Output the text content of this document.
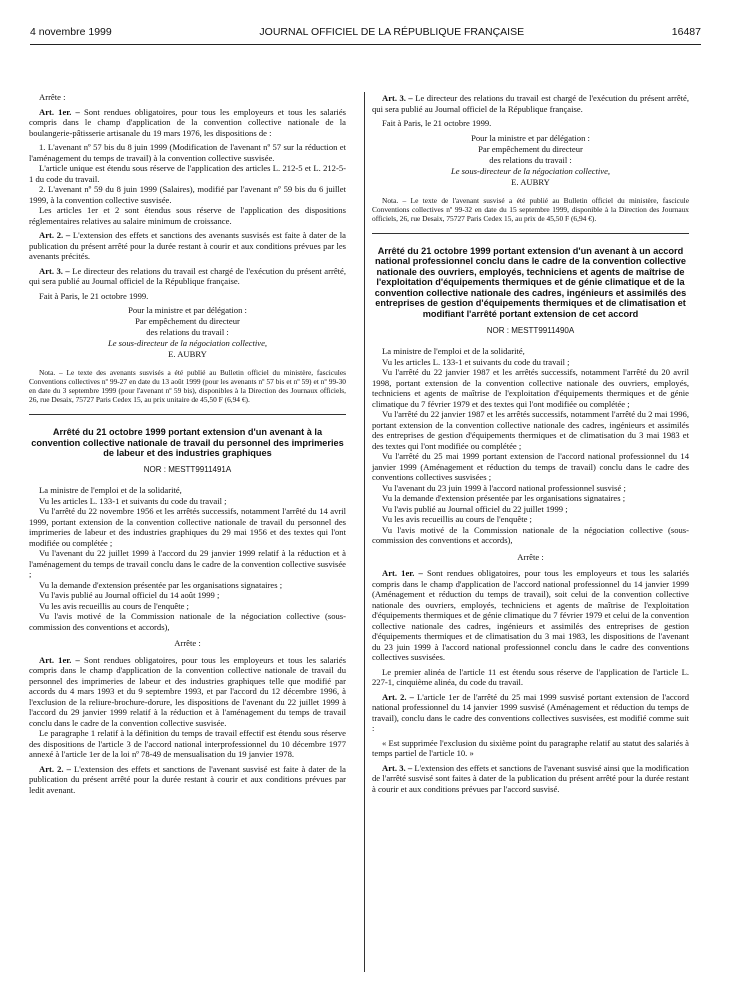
4 novembre 1999	JOURNAL OFFICIEL DE LA RÉPUBLIQUE FRANÇAISE	16487

Arrête :

Art. 1er. – Sont rendues obligatoires, pour tous les employeurs et tous les salariés compris dans le champ d'application de la convention collective nationale de la boulangerie-pâtisserie artisanale du 19 mars 1976, les dispositions de :

1. L'avenant nº 57 bis du 8 juin 1999 (Modification de l'avenant nº 57 sur la réduction et l'aménagement du temps de travail) à la convention collective susvisée.

L'article unique est étendu sous réserve de l'application des articles L. 212-5 et L. 212-5-1 du code du travail.

2. L'avenant nº 59 du 8 juin 1999 (Salaires), modifié par l'avenant nº 59 bis du 6 juillet 1999, à la convention collective susvisée.

Les articles 1er et 2 sont étendus sous réserve de l'application des dispositions réglementaires relatives au salaire minimum de croissance.

Art. 2. – L'extension des effets et sanctions des avenants susvisés est faite à dater de la publication du présent arrêté pour la durée restant à courir et aux conditions prévues par les avenants précités.

Art. 3. – Le directeur des relations du travail est chargé de l'exécution du présent arrêté, qui sera publié au Journal officiel de la République française.

Fait à Paris, le 21 octobre 1999.

Pour la ministre et par délégation :
Par empêchement du directeur
des relations du travail :
Le sous-directeur de la négociation collective,
E. AUBRY

Nota. – Le texte des avenants susvisés a été publié au Bulletin officiel du ministère, fascicules Conventions collectives nº 99-27 en date du 13 août 1999 (pour les avenants nº 57 bis et nº 59) et nº 99-30 en date du 3 septembre 1999 (pour l'avenant nº 59 bis), disponibles à la Direction des Journaux officiels, 26, rue Desaix, 75727 Paris Cedex 15, au prix unitaire de 45,50 F (6,94 €).

Arrêté du 21 octobre 1999 portant extension d'un avenant à la convention collective nationale de travail du personnel des imprimeries de labeur et des industries graphiques

NOR : MESTT9911491A

La ministre de l'emploi et de la solidarité,

Vu les articles L. 133-1 et suivants du code du travail ;

Vu l'arrêté du 22 novembre 1956 et les arrêtés successifs, notamment l'arrêté du 14 avril 1999, portant extension de la convention collective nationale de travail du personnel des imprimeries de labeur et des industries graphiques du 29 mai 1956 et des textes qui l'ont modifiée ou complétée ;

Vu l'avenant du 22 juillet 1999 à l'accord du 29 janvier 1999 relatif à la réduction et à l'aménagement du temps de travail conclu dans le cadre de la convention collective susvisée ;

Vu la demande d'extension présentée par les organisations signataires ;

Vu l'avis publié au Journal officiel du 14 août 1999 ;

Vu les avis recueillis au cours de l'enquête ;

Vu l'avis motivé de la Commission nationale de la négociation collective (sous-commission des conventions et accords),

Arrête :

Art. 1er. – Sont rendues obligatoires, pour tous les employeurs et tous les salariés compris dans le champ d'application de la convention collective nationale de travail du personnel des imprimeries de labeur et des industries graphiques telle que modifié par accords du 4 mars 1993 et du 9 septembre 1993, et par l'accord du 12 décembre 1996, à l'exclusion de la reliure-brochure-dorure, les dispositions de l'avenant du 22 juillet 1999 à l'accord du 29 janvier 1999 relatif à la réduction et à l'aménagement du temps de travail conclu dans le cadre de la convention collective susvisée.

Le paragraphe 1 relatif à la définition du temps de travail effectif est étendu sous réserve des dispositions de l'article 3 de l'accord national interprofessionnel du 10 décembre 1977 annexé à l'article 1er de la loi nº 78-49 de mensualisation du 19 janvier 1978.

Art. 2. – L'extension des effets et sanctions de l'avenant susvisé est faite à dater de la publication du présent arrêté pour la durée restant à courir et aux conditions prévues par ledit avenant.

Art. 3. – Le directeur des relations du travail est chargé de l'exécution du présent arrêté, qui sera publié au Journal officiel de la République française.

Fait à Paris, le 21 octobre 1999.

Pour la ministre et par délégation :
Par empêchement du directeur
des relations du travail :
Le sous-directeur de la négociation collective,
E. AUBRY

Nota. – Le texte de l'avenant susvisé a été publié au Bulletin officiel du ministère, fascicule Conventions collectives nº 99-32 en date du 15 septembre 1999, disponible à la Direction des Journaux officiels, 26, rue Desaix, 75727 Paris Cedex 15, au prix de 45,50 F (6,94 €).

Arrêté du 21 octobre 1999 portant extension d'un avenant à un accord national professionnel conclu dans le cadre de la convention collective nationale des ouvriers, employés, techniciens et agents de maîtrise de l'exploitation d'équipements thermiques et de génie climatique et de la convention collective nationale des cadres, ingénieurs et assimilés des entreprises de gestion d'équipements thermiques et de climatisation et modifiant l'arrêté portant extension de cet accord

NOR : MESTT9911490A

La ministre de l'emploi et de la solidarité,

Vu les articles L. 133-1 et suivants du code du travail ;

Vu l'arrêté du 22 janvier 1987 et les arrêtés successifs, notamment l'arrêté du 20 avril 1998, portant extension de la convention collective nationale des ouvriers, employés, techniciens et agents de maîtrise de l'exploitation d'équipements thermiques et de génie climatique du 7 février 1979 et des textes qui l'ont modifiée ou complétée ;

Vu l'arrêté du 22 janvier 1987 et les arrêtés successifs, notamment l'arrêté du 2 mai 1996, portant extension de la convention collective nationale des cadres, ingénieurs et assimilés des entreprises de gestion d'équipements thermiques et de climatisation du 3 mai 1983 et des textes qui l'ont modifiée ou complétée ;

Vu l'arrêté du 25 mai 1999 portant extension de l'accord national professionnel du 14 janvier 1999 (Aménagement et réduction du temps de travail) conclu dans le cadre des conventions collectives susvisées ;

Vu l'avenant du 23 juin 1999 à l'accord national professionnel susvisé ;

Vu la demande d'extension présentée par les organisations signataires ;

Vu l'avis publié au Journal officiel du 22 juillet 1999 ;

Vu les avis recueillis au cours de l'enquête ;

Vu l'avis motivé de la Commission nationale de la négociation collective (sous-commission des conventions et accords),

Arrête :

Art. 1er. – Sont rendues obligatoires, pour tous les employeurs et tous les salariés compris dans le champ d'application de l'accord national professionnel du 14 janvier 1999 (Aménagement et réduction du temps de travail), soit celui de la convention collective nationale des ouvriers, employés, techniciens et agents de maîtrise de l'exploitation d'équipements thermiques et de génie climatique du 7 février 1979 et celui de la convention collective nationale des cadres, ingénieurs et assimilés des entreprises de gestion d'équipements thermiques et de climatisation du 3 mai 1983, les dispositions de l'avenant du 23 juin 1999 à l'accord national professionnel conclu dans le cadre des conventions collectives susvisées.

Le premier alinéa de l'article 11 est étendu sous réserve de l'application de l'article L. 227-1, cinquième alinéa, du code du travail.

Art. 2. – L'article 1er de l'arrêté du 25 mai 1999 susvisé portant extension de l'accord national professionnel du 14 janvier 1999 susvisé (Aménagement et réduction du temps de travail), conclu dans le cadre des conventions collectives susvisées, est modifié comme suit :

« Est supprimée l'exclusion du sixième point du paragraphe relatif au statut des salariés à temps partiel de l'article 10. »

Art. 3. – L'extension des effets et sanctions de l'avenant susvisé ainsi que la modification de l'arrêté susvisé sont faites à dater de la publication du présent arrêté pour la durée restant à courir et aux conditions prévues par l'accord susvisé.
